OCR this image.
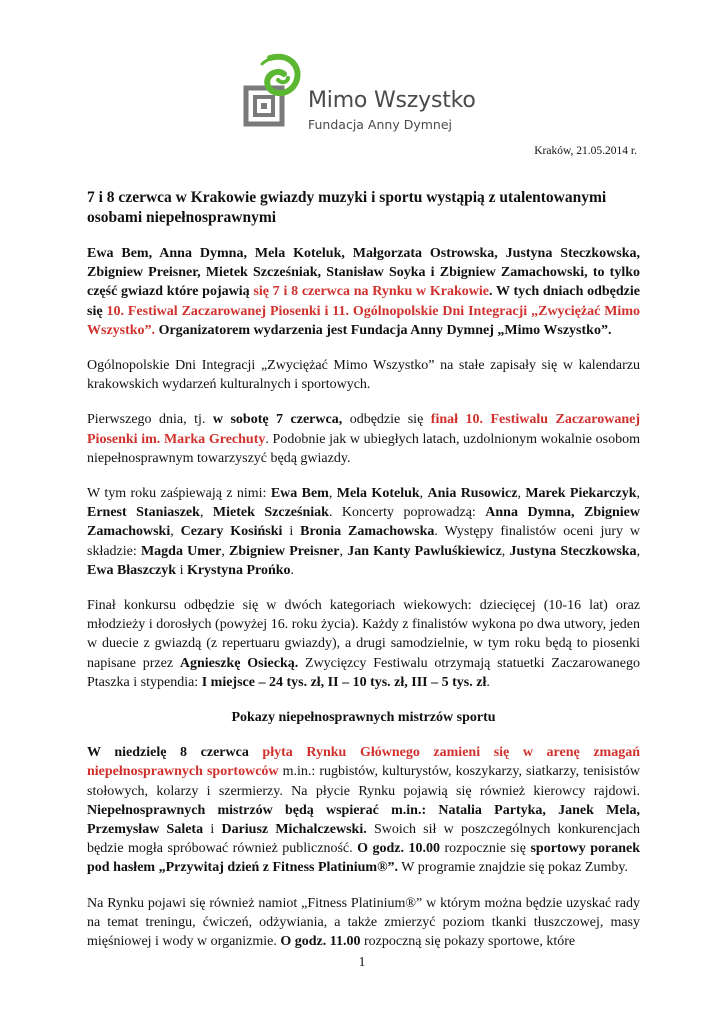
Mimo Wszystko
Fundacja Anny Dymnej
Kraków, 21.05.2014 r.
7 i 8 czerwca w Krakowie gwiazdy muzyki i sportu wystąpią z utalentowanymi osobami niepełnosprawnymi

Ewa Bem, Anna Dymna, Mela Koteluk, Małgorzata Ostrowska, Justyna Steczkowska, Zbigniew Preisner, Mietek Szcześniak, Stanisław Soyka i Zbigniew Zamachowski, to tylko część gwiazd które pojawią się 7 i 8 czerwca na Rynku w Krakowie. W tych dniach odbędzie się 10. Festiwal Zaczarowanej Piosenki i 11. Ogólnopolskie Dni Integracji „Zwyciężać Mimo Wszystko”. Organizatorem wydarzenia jest Fundacja Anny Dymnej „Mimo Wszystko”.

Ogólnopolskie Dni Integracji „Zwyciężać Mimo Wszystko” na stałe zapisały się w kalendarzu krakowskich wydarzeń kulturalnych i sportowych.

Pierwszego dnia, tj. w sobotę 7 czerwca, odbędzie się finał 10. Festiwalu Zaczarowanej Piosenki im. Marka Grechuty. Podobnie jak w ubiegłych latach, uzdolnionym wokalnie osobom niepełnosprawnym towarzyszyć będą gwiazdy.

W tym roku zaśpiewają z nimi: Ewa Bem, Mela Koteluk, Ania Rusowicz, Marek Piekarczyk, Ernest Staniaszek, Mietek Szcześniak. Koncerty poprowadzą: Anna Dymna, Zbigniew Zamachowski, Cezary Kosiński i Bronia Zamachowska. Występy finalistów oceni jury w składzie: Magda Umer, Zbigniew Preisner, Jan Kanty Pawluśkiewicz, Justyna Steczkowska, Ewa Błaszczyk i Krystyna Prońko.

Finał konkursu odbędzie się w dwóch kategoriach wiekowych: dziecięcej (10-16 lat) oraz młodzieży i dorosłych (powyżej 16. roku życia). Każdy z finalistów wykona po dwa utwory, jeden w duecie z gwiazdą (z repertuaru gwiazdy), a drugi samodzielnie, w tym roku będą to piosenki napisane przez Agnieszkę Osiecką. Zwycięzcy Festiwalu otrzymają statuetki Zaczarowanego Ptaszka i stypendia: I miejsce – 24 tys. zł, II – 10 tys. zł, III – 5 tys. zł.

Pokazy niepełnosprawnych mistrzów sportu

W niedzielę 8 czerwca płyta Rynku Głównego zamieni się w arenę zmagań niepełnosprawnych sportowców m.in.: rugbistów, kulturystów, koszykarzy, siatkarzy, tenisistów stołowych, kolarzy i szermierzy. Na płycie Rynku pojawią się również kierowcy rajdowi. Niepełnosprawnych mistrzów będą wspierać m.in.: Natalia Partyka, Janek Mela, Przemysław Saleta i Dariusz Michalczewski. Swoich sił w poszczególnych konkurencjach będzie mogła spróbować również publiczność. O godz. 10.00 rozpocznie się sportowy poranek pod hasłem „Przywitaj dzień z Fitness Platinium®”. W programie znajdzie się pokaz Zumby.

Na Rynku pojawi się również namiot „Fitness Platinium®” w którym można będzie uzyskać rady na temat treningu, ćwiczeń, odżywiania, a także zmierzyć poziom tkanki tłuszczowej, masy mięśniowej i wody w organizmie. O godz. 11.00 rozpoczną się pokazy sportowe, które

1
